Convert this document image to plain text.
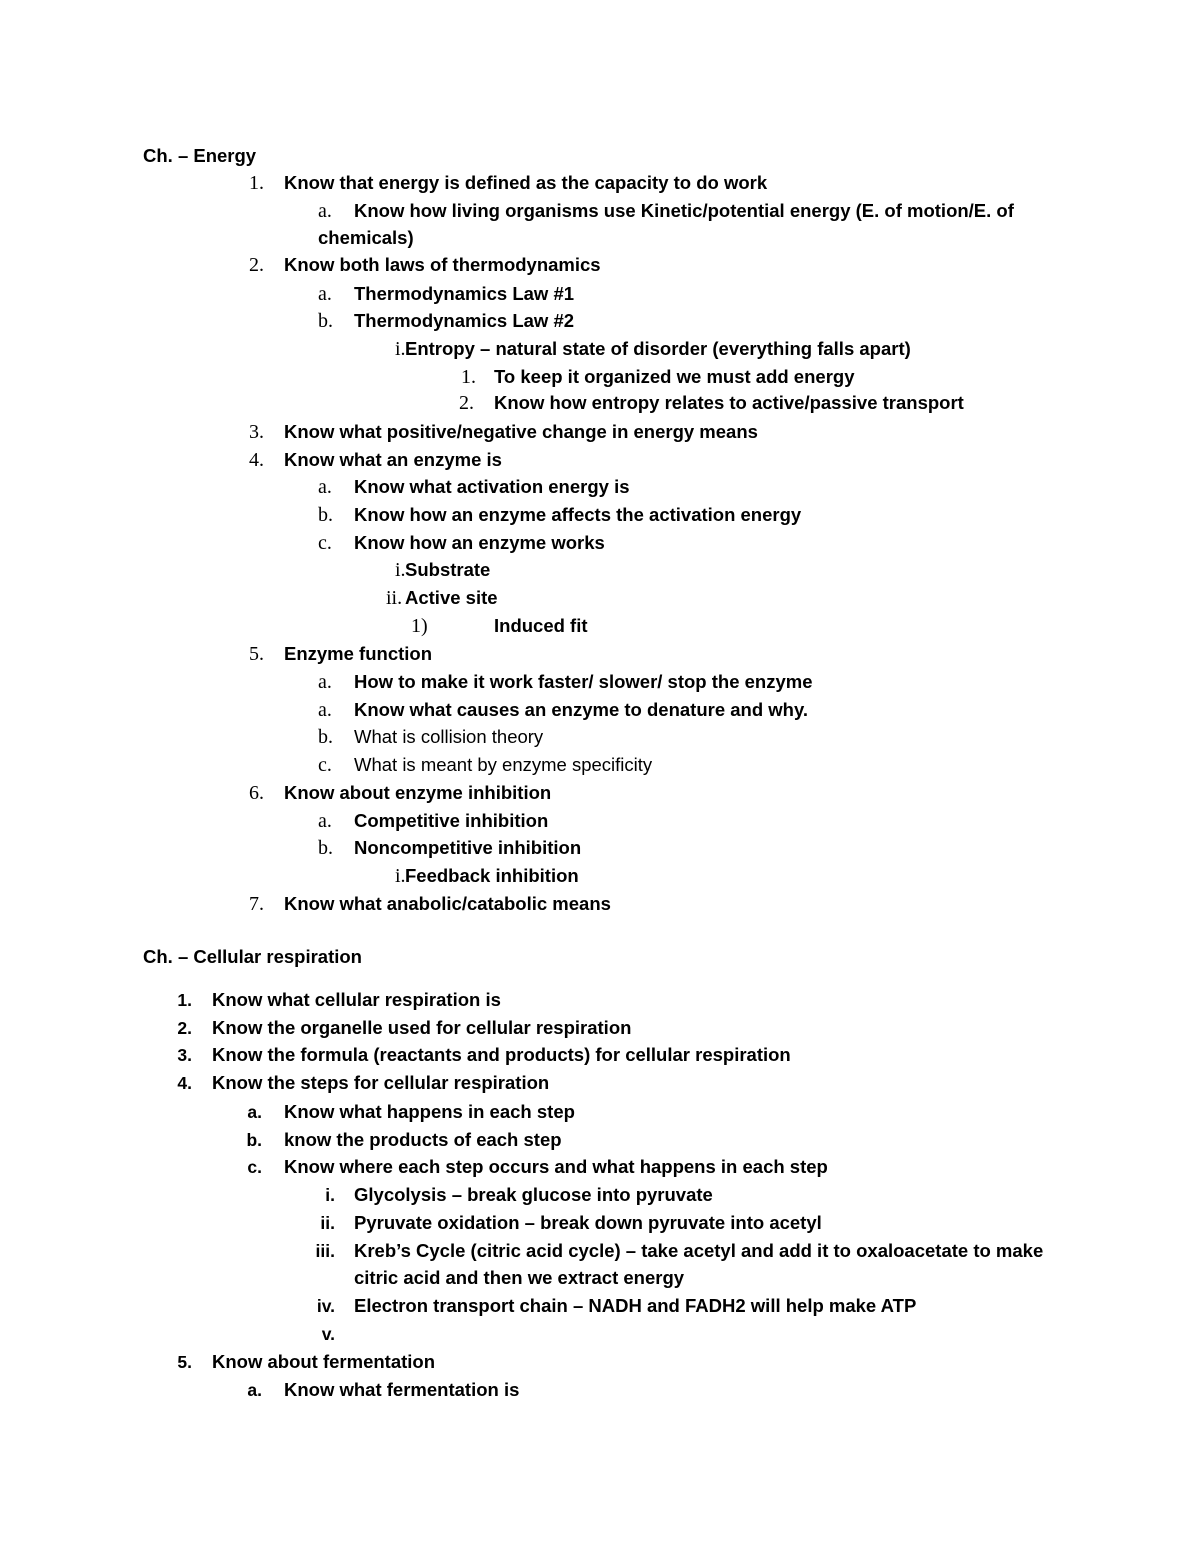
Ch. – Energy
1. Know that energy is defined as the capacity to do work
a. Know how living organisms use Kinetic/potential energy (E. of motion/E. of
chemicals)
2. Know both laws of thermodynamics
a. Thermodynamics Law #1
b. Thermodynamics Law #2
i. Entropy – natural state of disorder (everything falls apart)
1. To keep it organized we must add energy
2. Know how entropy relates to active/passive transport
3. Know what positive/negative change in energy means
4. Know what an enzyme is
a. Know what activation energy is
b. Know how an enzyme affects the activation energy
c. Know how an enzyme works
i. Substrate
ii. Active site
1)	Induced fit
5. Enzyme function
a. How to make it work faster/ slower/ stop the enzyme
a. Know what causes an enzyme to denature and why.
b. What is collision theory
c. What is meant by enzyme specificity
6. Know about enzyme inhibition
a. Competitive inhibition
b. Noncompetitive inhibition
i. Feedback inhibition
7. Know what anabolic/catabolic means
Ch. – Cellular respiration
1. Know what cellular respiration is
2. Know the organelle used for cellular respiration
3. Know the formula (reactants and products) for cellular respiration
4. Know the steps for cellular respiration
a. Know what happens in each step
b. know the products of each step
c. Know where each step occurs and what happens in each step
i. Glycolysis – break glucose into pyruvate
ii. Pyruvate oxidation – break down pyruvate into acetyl
iii. Kreb’s Cycle (citric acid cycle) – take acetyl and add it to oxaloacetate to make
citric acid and then we extract energy
iv. Electron transport chain – NADH and FADH2 will help make ATP
v.
5. Know about fermentation
a. Know what fermentation is
